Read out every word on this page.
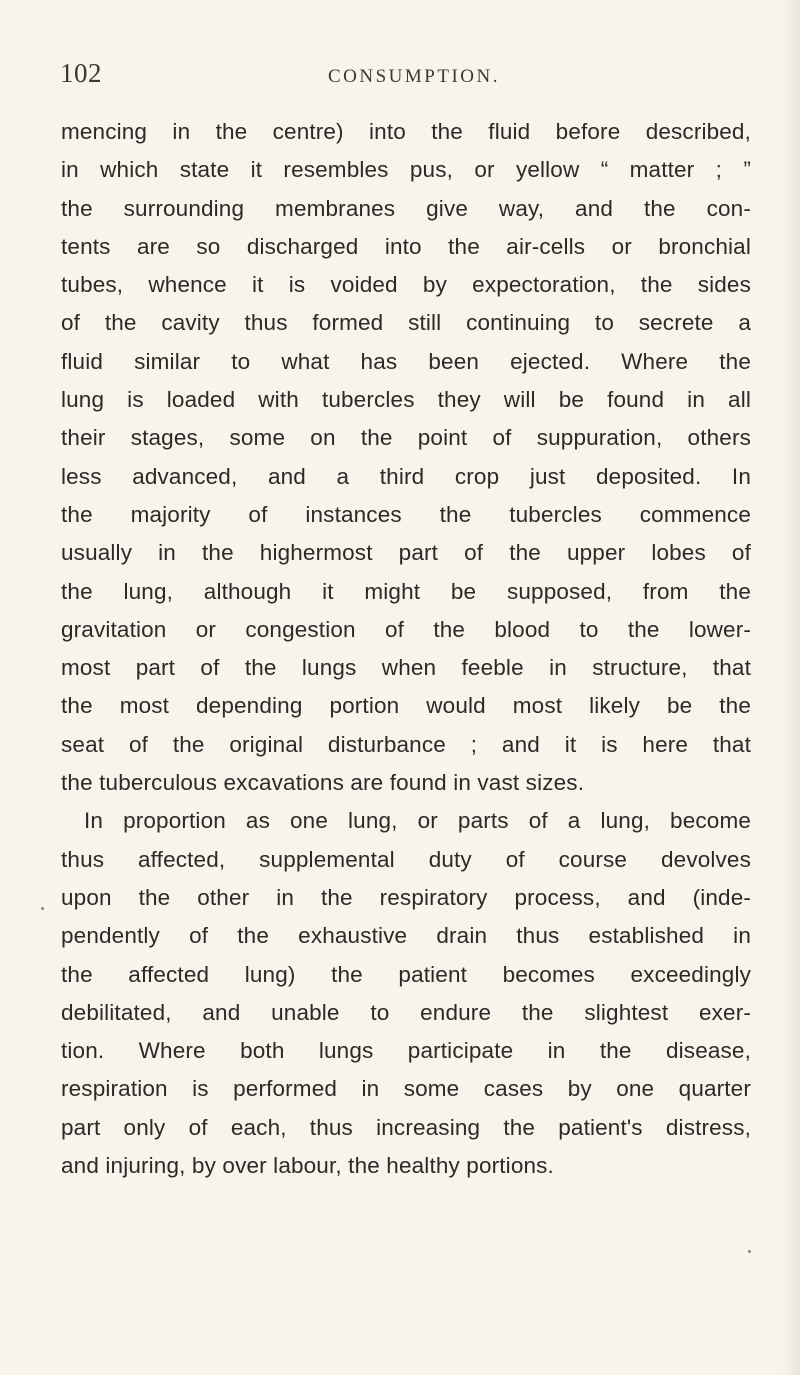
102	CONSUMPTION.
mencing in the centre) into the fluid before described,
in which state it resembles pus, or yellow “ matter ; ”
the surrounding membranes give way, and the con-
tents are so discharged into the air-cells or bronchial
tubes, whence it is voided by expectoration, the sides
of the cavity thus formed still continuing to secrete a
fluid similar to what has been ejected. Where the
lung is loaded with tubercles they will be found in all
their stages, some on the point of suppuration, others
less advanced, and a third crop just deposited. In
the majority of instances the tubercles commence
usually in the highermost part of the upper lobes of
the lung, although it might be supposed, from the
gravitation or congestion of the blood to the lower-
most part of the lungs when feeble in structure, that
the most depending portion would most likely be the
seat of the original disturbance ; and it is here that
the tuberculous excavations are found in vast sizes.
In proportion as one lung, or parts of a lung, become
thus affected, supplemental duty of course devolves
upon the other in the respiratory process, and (inde-
pendently of the exhaustive drain thus established in
the affected lung) the patient becomes exceedingly
debilitated, and unable to endure the slightest exer-
tion. Where both lungs participate in the disease,
respiration is performed in some cases by one quarter
part only of each, thus increasing the patient's distress,
and injuring, by over labour, the healthy portions.
